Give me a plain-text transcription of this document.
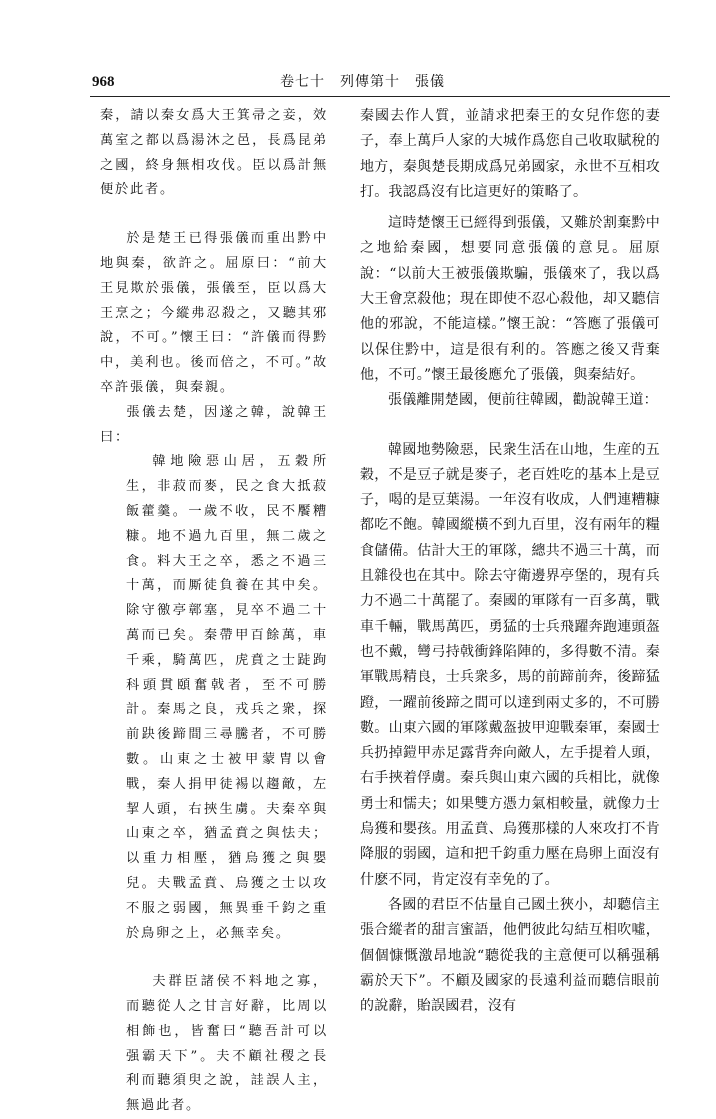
968	卷七十　列傳第十　張儀

秦，請以秦女爲大王箕帚之妾，效萬室之都以爲湯沐之邑，長爲昆弟之國，終身無相攻伐。臣以爲計無便於此者。

於是楚王已得張儀而重出黔中地與秦，欲許之。屈原曰：“前大王見欺於張儀，張儀至，臣以爲大王烹之；今縱弗忍殺之，又聽其邪說，不可。”懷王曰：“許儀而得黔中，美利也。後而倍之，不可。”故卒許張儀，與秦親。

張儀去楚，因遂之韓，說韓王曰：

韓地險惡山居，五穀所生，非菽而麥，民之食大抵菽飯藿羹。一歲不收，民不饜糟糠。地不過九百里，無二歲之食。料大王之卒，悉之不過三十萬，而厮徒負養在其中矣。除守徼亭鄣塞，見卒不過二十萬而已矣。秦帶甲百餘萬，車千乘，騎萬匹，虎賁之士跿跔科頭貫頤奮戟者，至不可勝計。秦馬之良，戎兵之衆，探前趹後蹄間三尋騰者，不可勝數。山東之士被甲蒙胄以會戰，秦人捐甲徒裼以趨敵，左挈人頭，右挾生虜。夫秦卒與山東之卒，猶孟賁之與怯夫；以重力相壓，猶烏獲之與嬰兒。夫戰孟賁、烏獲之士以攻不服之弱國，無異垂千鈞之重於鳥卵之上，必無幸矣。

夫群臣諸侯不料地之寡，而聽從人之甘言好辭，比周以相飾也，皆奮曰“聽吾計可以强霸天下”。夫不顧社稷之長利而聽須臾之說，詿誤人主，無過此者。

秦國去作人質，並請求把秦王的女兒作您的妻子，奉上萬戶人家的大城作爲您自己收取賦稅的地方，秦與楚長期成爲兄弟國家，永世不互相攻打。我認爲沒有比這更好的策略了。

這時楚懷王已經得到張儀，又難於割棄黔中之地給秦國，想要同意張儀的意見。屈原說：“以前大王被張儀欺騙，張儀來了，我以爲大王會烹殺他；現在即使不忍心殺他，却又聽信他的邪說，不能這樣。”懷王說：“答應了張儀可以保住黔中，這是很有利的。答應之後又背棄他，不可。”懷王最後應允了張儀，與秦結好。

張儀離開楚國，便前往韓國，勸說韓王道：

韓國地勢險惡，民衆生活在山地，生産的五穀，不是豆子就是麥子，老百姓吃的基本上是豆子，喝的是豆葉湯。一年沒有收成，人們連糟糠都吃不飽。韓國縱橫不到九百里，沒有兩年的糧食儲備。估計大王的軍隊，總共不過三十萬，而且雜役也在其中。除去守衛邊界亭堡的，現有兵力不過二十萬罷了。秦國的軍隊有一百多萬，戰車千輛，戰馬萬匹，勇猛的士兵飛躍奔跑連頭盔也不戴，彎弓持戟衝鋒陷陣的，多得數不清。秦軍戰馬精良，士兵衆多，馬的前蹄前奔，後蹄猛蹬，一躍前後蹄之間可以達到兩丈多的，不可勝數。山東六國的軍隊戴盔披甲迎戰秦軍，秦國士兵扔掉鎧甲赤足露背奔向敵人，左手提着人頭，右手挾着俘虜。秦兵與山東六國的兵相比，就像勇士和懦夫；如果雙方憑力氣相較量，就像力士烏獲和嬰孩。用孟賁、烏獲那樣的人來攻打不肯降服的弱國，這和把千鈞重力壓在鳥卵上面沒有什麽不同，肯定沒有幸免的了。

各國的君臣不估量自己國土狹小，却聽信主張合縱者的甜言蜜語，他們彼此勾結互相吹噓，個個慷慨激昂地說“聽從我的主意便可以稱强稱霸於天下”。不顧及國家的長遠利益而聽信眼前的說辭，貽誤國君，沒有
